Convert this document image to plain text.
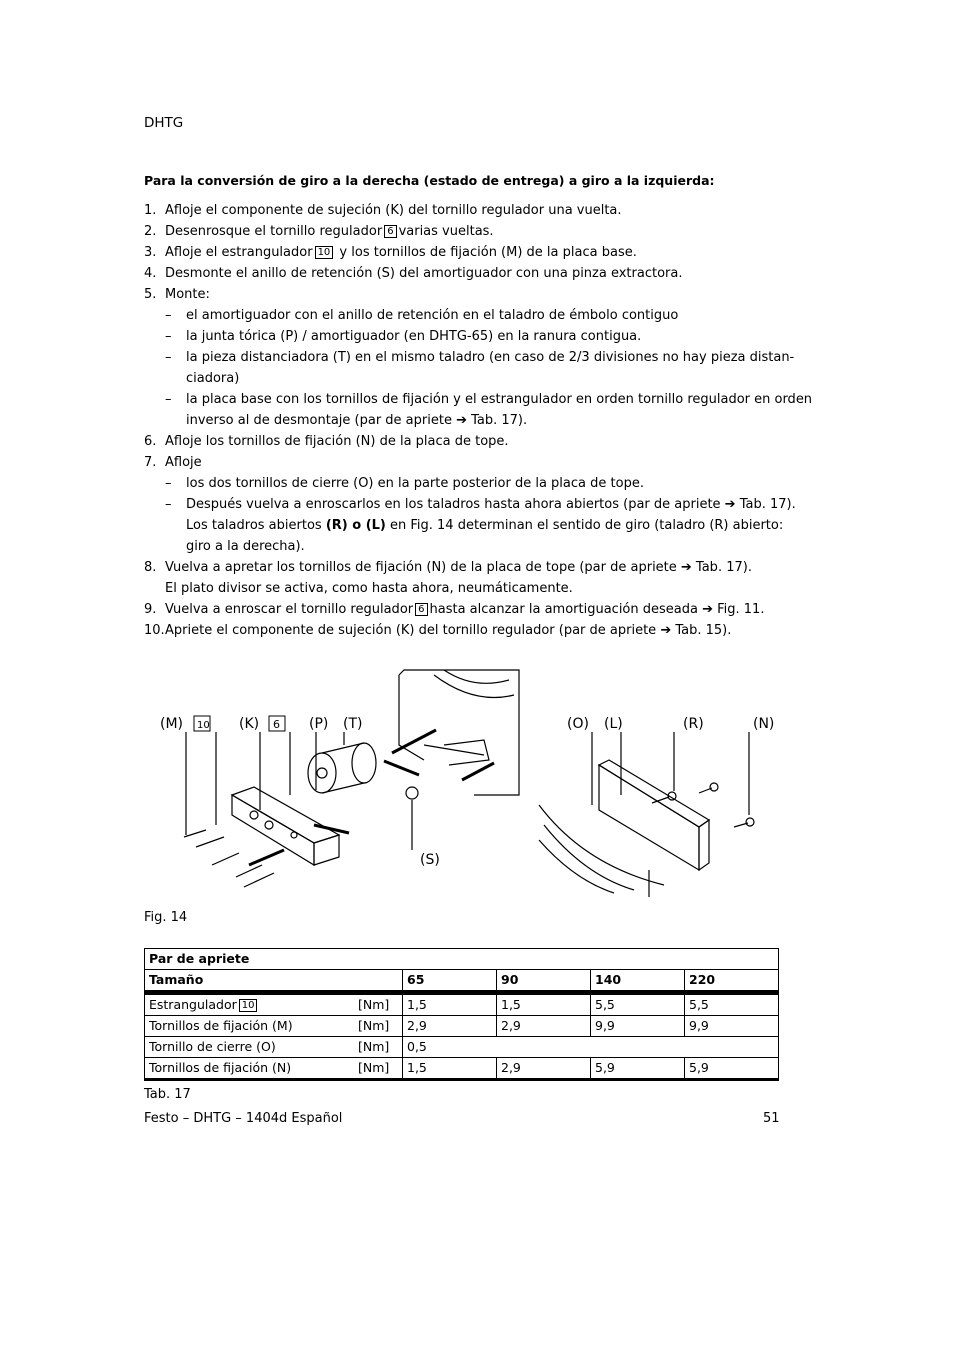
DHTG
Para la conversión de giro a la derecha (estado de entrega) a giro a la izquierda:
1. Afloje el componente de sujeción (K) del tornillo regulador una vuelta.
2. Desenrosque el tornillo regulador 6 varias vueltas.
3. Afloje el estrangulador 10 y los tornillos de fijación (M) de la placa base.
4. Desmonte el anillo de retención (S) del amortiguador con una pinza extractora.
5. Monte:
– el amortiguador con el anillo de retención en el taladro de émbolo contiguo
– la junta tórica (P) / amortiguador (en DHTG-65) en la ranura contigua.
– la pieza distanciadora (T) en el mismo taladro (en caso de 2/3 divisiones no hay pieza distan-
ciadora)
– la placa base con los tornillos de fijación y el estrangulador en orden tornillo regulador en orden
inverso al de desmontaje (par de apriete ➔ Tab. 17).
6. Afloje los tornillos de fijación (N) de la placa de tope.
7. Afloje
– los dos tornillos de cierre (O) en la parte posterior de la placa de tope.
– Después vuelva a enroscarlos en los taladros hasta ahora abiertos (par de apriete ➔ Tab. 17).
Los taladros abiertos (R) o (L) en Fig. 14 determinan el sentido de giro (taladro (R) abierto:
giro a la derecha).
8. Vuelva a apretar los tornillos de fijación (N) de la placa de tope (par de apriete ➔ Tab. 17).
El plato divisor se activa, como hasta ahora, neumáticamente.
9. Vuelva a enroscar el tornillo regulador 6 hasta alcanzar la amortiguación deseada ➔ Fig. 11.
10. Apriete el componente de sujeción (K) del tornillo regulador (par de apriete ➔ Tab. 15).
(M) 10 (K) 6 (P) (T)
(S)
(O) (L)	(R)	(N)
Fig. 14
Par de apriete					
Tamaño		65	90	140	220
Estrangulador 10	[Nm]	1,5	1,5	5,5	5,5
Tornillos de fijación (M)	[Nm]	2,9	2,9	9,9	9,9
Tornillo de cierre (O)	[Nm]	0,5			
Tornillos de fijación (N)	[Nm]	1,5	2,9	5,9	5,9
Tab. 17
Festo – DHTG – 1404d Español	51
